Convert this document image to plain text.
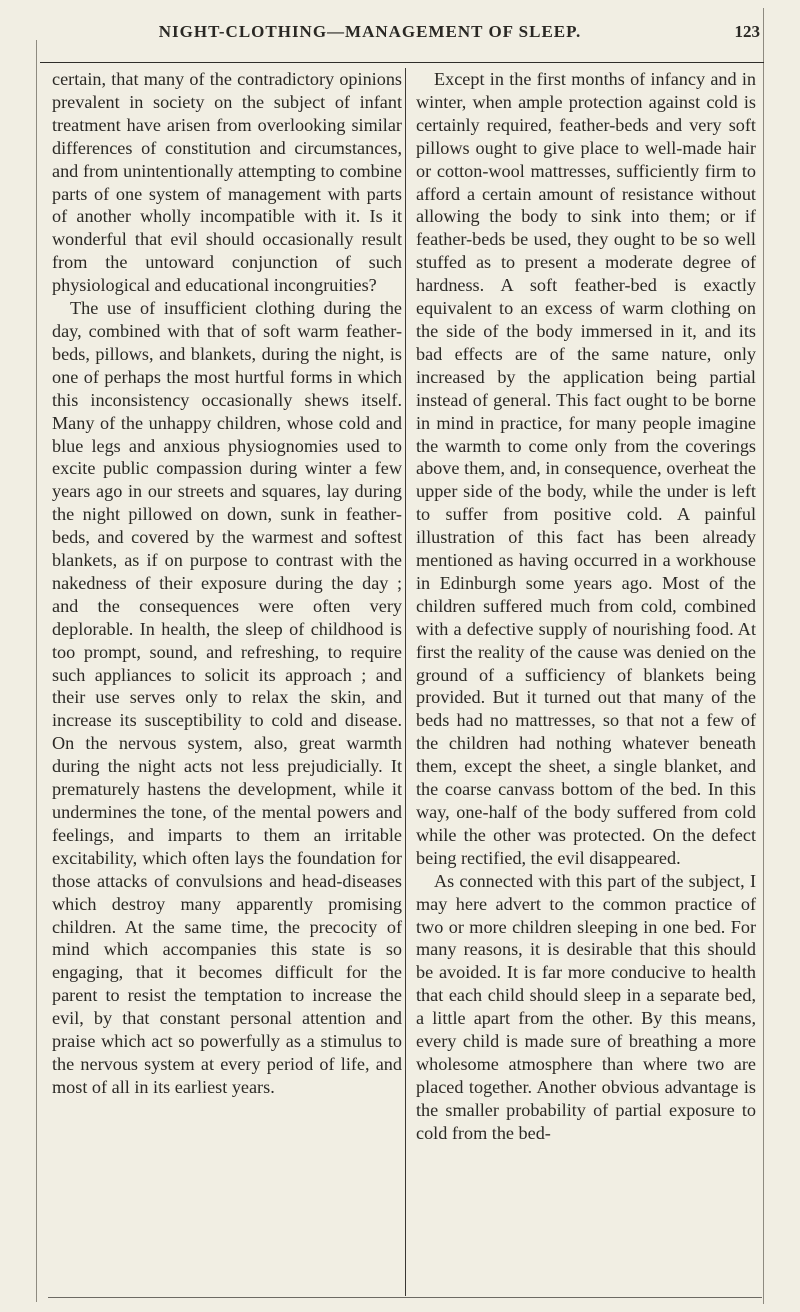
NIGHT-CLOTHING—MANAGEMENT OF SLEEP.	123

certain, that many of the contradictory opinions prevalent in society on the subject of infant treatment have arisen from overlooking similar differences of constitution and circumstances, and from unintentionally attempting to combine parts of one system of management with parts of another wholly incompatible with it. Is it wonderful that evil should occasionally result from the untoward conjunction of such physiological and educational incongruities?

The use of insufficient clothing during the day, combined with that of soft warm feather-beds, pillows, and blankets, during the night, is one of perhaps the most hurtful forms in which this inconsistency occasionally shews itself. Many of the unhappy children, whose cold and blue legs and anxious physiognomies used to excite public compassion during winter a few years ago in our streets and squares, lay during the night pillowed on down, sunk in feather-beds, and covered by the warmest and softest blankets, as if on purpose to contrast with the nakedness of their exposure during the day ; and the consequences were often very deplorable. In health, the sleep of childhood is too prompt, sound, and refreshing, to require such appliances to solicit its approach ; and their use serves only to relax the skin, and increase its susceptibility to cold and disease. On the nervous system, also, great warmth during the night acts not less prejudicially. It prematurely hastens the development, while it undermines the tone, of the mental powers and feelings, and imparts to them an irritable excitability, which often lays the foundation for those attacks of convulsions and head-diseases which destroy many apparently promising children. At the same time, the precocity of mind which accompanies this state is so engaging, that it becomes difficult for the parent to resist the temptation to increase the evil, by that constant personal attention and praise which act so powerfully as a stimulus to the nervous system at every period of life, and most of all in its earliest years.

Except in the first months of infancy and in winter, when ample protection against cold is certainly required, feather-beds and very soft pillows ought to give place to well-made hair or cotton-wool mattresses, sufficiently firm to afford a certain amount of resistance without allowing the body to sink into them; or if feather-beds be used, they ought to be so well stuffed as to present a moderate degree of hardness. A soft feather-bed is exactly equivalent to an excess of warm clothing on the side of the body immersed in it, and its bad effects are of the same nature, only increased by the application being partial instead of general. This fact ought to be borne in mind in practice, for many people imagine the warmth to come only from the coverings above them, and, in consequence, overheat the upper side of the body, while the under is left to suffer from positive cold. A painful illustration of this fact has been already mentioned as having occurred in a workhouse in Edinburgh some years ago. Most of the children suffered much from cold, combined with a defective supply of nourishing food. At first the reality of the cause was denied on the ground of a sufficiency of blankets being provided. But it turned out that many of the beds had no mattresses, so that not a few of the children had nothing whatever beneath them, except the sheet, a single blanket, and the coarse canvass bottom of the bed. In this way, one-half of the body suffered from cold while the other was protected. On the defect being rectified, the evil disappeared.

As connected with this part of the subject, I may here advert to the common practice of two or more children sleeping in one bed. For many reasons, it is desirable that this should be avoided. It is far more conducive to health that each child should sleep in a separate bed, a little apart from the other. By this means, every child is made sure of breathing a more wholesome atmosphere than where two are placed together. Another obvious advantage is the smaller probability of partial exposure to cold from the bed-
